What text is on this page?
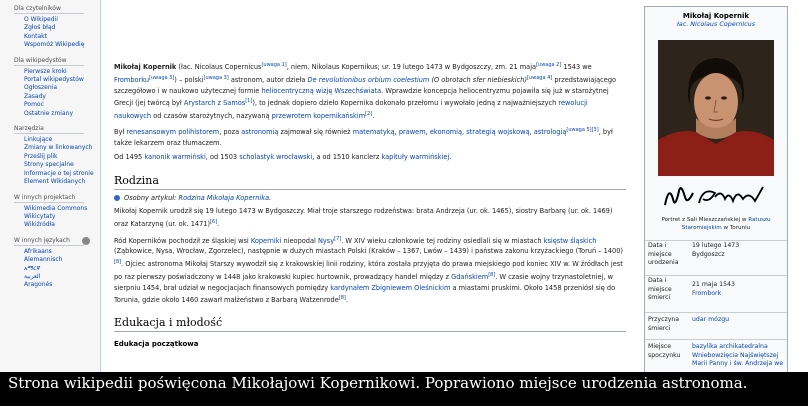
Dla czytelników
O Wikipedii
Zgłoś błąd
Kontakt
Wspomóż Wikipedię
Dla wikipedystów
Pierwsze kroki
Portal wikipedystów
Ogłoszenia
Zasady
Pomoc
Ostatnie zmiany
Narzędzia
Linkujące
Zmiany w linkowanych
Prześlij plik
Strony specjalne
Informacje o tej stronie
Element Wikidanych
W innych projektach
Wikimedia Commons
Wikicytaty
Wikiźródła
W innych językach
Afrikaans
Alemannisch
አማርኛ
العربية
Aragonés

Mikołaj Kopernik (łac. Nicolaus Copernicus[uwaga 1], niem. Nikolaus Kopernikus; ur. 19 lutego 1473 w Bydgoszczy, zm. 21 maja[uwaga 2] 1543 we Fromborku[uwaga 3]) – polski[uwaga 3] astronom, autor dzieła De revolutionibus orbium coelestium (O obrotach sfer niebieskich)[uwaga 4] przedstawiającego szczegółowo i w naukowo użytecznej formie heliocentryczną wizję Wszechświata. Wprawdzie koncepcja heliocentryzmu pojawiła się już w starożytnej Grecji (jej twórcą był Arystarch z Samos[1]), to jednak dopiero dzieło Kopernika dokonało przełomu i wywołało jedną z najważniejszych rewolucji naukowych od czasów starożytnych, nazywaną przewrotem kopernikańskim[2].

Był renesansowym polihistorem, poza astronomią zajmował się również matematyką, prawem, ekonomią, strategią wojskową, astrologią[uwaga 5][3], był także lekarzem oraz tłumaczem.

Od 1495 kanonik warmiński, od 1503 scholastyk wrocławski, a od 1510 kanclerz kapituły warmińskiej.

Rodzina

Osobny artykuł: Rodzina Mikołaja Kopernika.

Mikołaj Kopernik urodził się 19 lutego 1473 w Bydgoszczy. Miał troje starszego rodzeństwa: brata Andrzeja (ur. ok. 1465), siostry Barbarę (ur. ok. 1469) oraz Katarzynę (ur. ok. 1471)[6].

Ród Koperników pochodził ze śląskiej wsi Koperniki nieopodal Nysy[7]. W XIV wieku członkowie tej rodziny osiedlali się w miastach księstw śląskich (Ząbkowice, Nysa, Wrocław, Zgorzelec), następnie w dużych miastach Polski (Kraków – 1367, Lwów – 1439) i państwa zakonu krzyżackiego (Toruń – 1400)[8]. Ojciec astronoma Mikołaj Starszy wywodził się z krakowskiej linii rodziny, która została przyjęta do prawa miejskiego pod koniec XIV w. W źródłach jest po raz pierwszy poświadczony w 1448 jako krakowski kupiec hurtownik, prowadzący handel między z Gdańskiem[8]. W czasie wojny trzynastoletniej, w sierpniu 1454, brał udział w negocjacjach finansowych pomiędzy kardynałem Zbigniewem Oleśnickim a miastami pruskimi. Około 1458 przeniósł się do Torunia, gdzie około 1460 zawarł małżeństwo z Barbarą Watzenrode[8].

Edukacja i młodość
Edukacja początkowa
Mikołaj Kopernik
łac. Nicolaus Copernicus
Portret z Sali Mieszczańskiej w Ratuszu Staromiejskim w Toruniu
Data i miejsce urodzenia
19 lutego 1473
Bydgoszcz
Data i miejsce śmierci
21 maja 1543
Frombork
Przyczyna śmierci
udar mózgu
Miejsce spoczynku
bazylika archikatedralna Wniebowzięcia Najświętszej Marii Panny i św. Andrzeja we
Strona wikipedii poświęcona Mikołajowi Kopernikowi. Poprawiono miejsce urodzenia astronoma.
